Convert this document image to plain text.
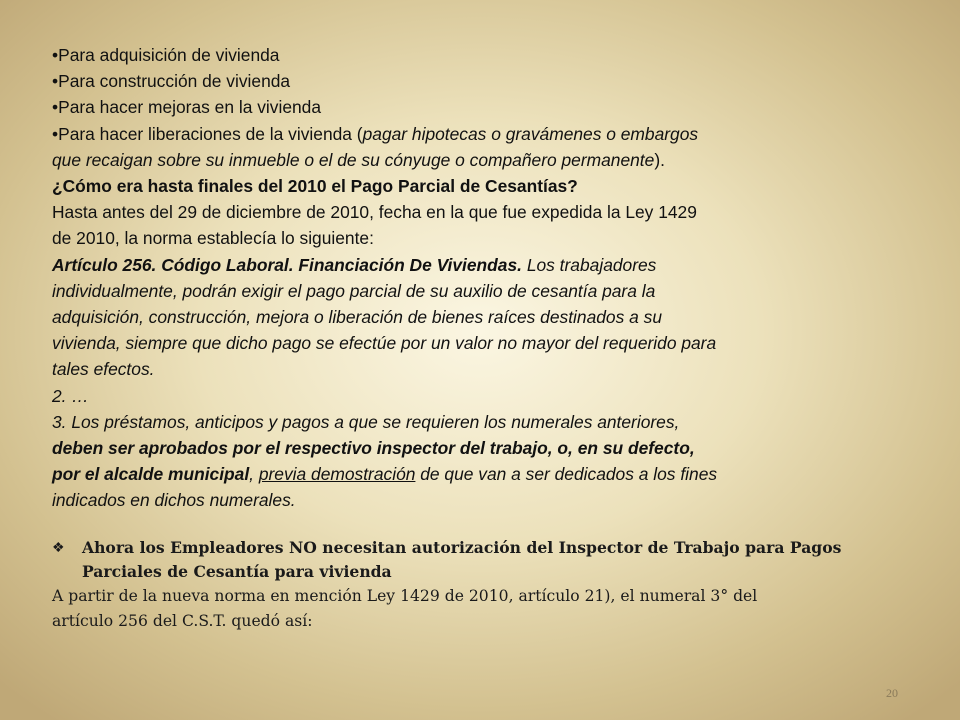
•Para adquisición de vivienda
•Para construcción de vivienda
•Para hacer mejoras en la vivienda
•Para hacer liberaciones de la vivienda (pagar hipotecas o gravámenes o embargos
que recaigan sobre su inmueble o el de su cónyuge o compañero permanente).
¿Cómo era hasta finales del 2010 el Pago Parcial de Cesantías?
Hasta antes del 29 de diciembre de 2010, fecha en la que fue expedida la Ley 1429
de 2010, la norma establecía lo siguiente:
Artículo 256. Código Laboral. Financiación De Viviendas. Los trabajadores
individualmente, podrán exigir el pago parcial de su auxilio de cesantía para la
adquisición, construcción, mejora o liberación de bienes raíces destinados a su
vivienda, siempre que dicho pago se efectúe por un valor no mayor del requerido para
tales efectos.
2. …
3. Los préstamos, anticipos y pagos a que se requieren los numerales anteriores,
deben ser aprobados por el respectivo inspector del trabajo, o, en su defecto,
por el alcalde municipal, previa demostración de que van a ser dedicados a los fines
indicados en dichos numerales.
❖	Ahora los Empleadores NO necesitan autorización del Inspector de Trabajo para Pagos
Parciales de Cesantía para vivienda
A partir de la nueva norma en mención Ley 1429 de 2010, artículo 21), el numeral 3° del
artículo 256 del C.S.T. quedó así:
20
